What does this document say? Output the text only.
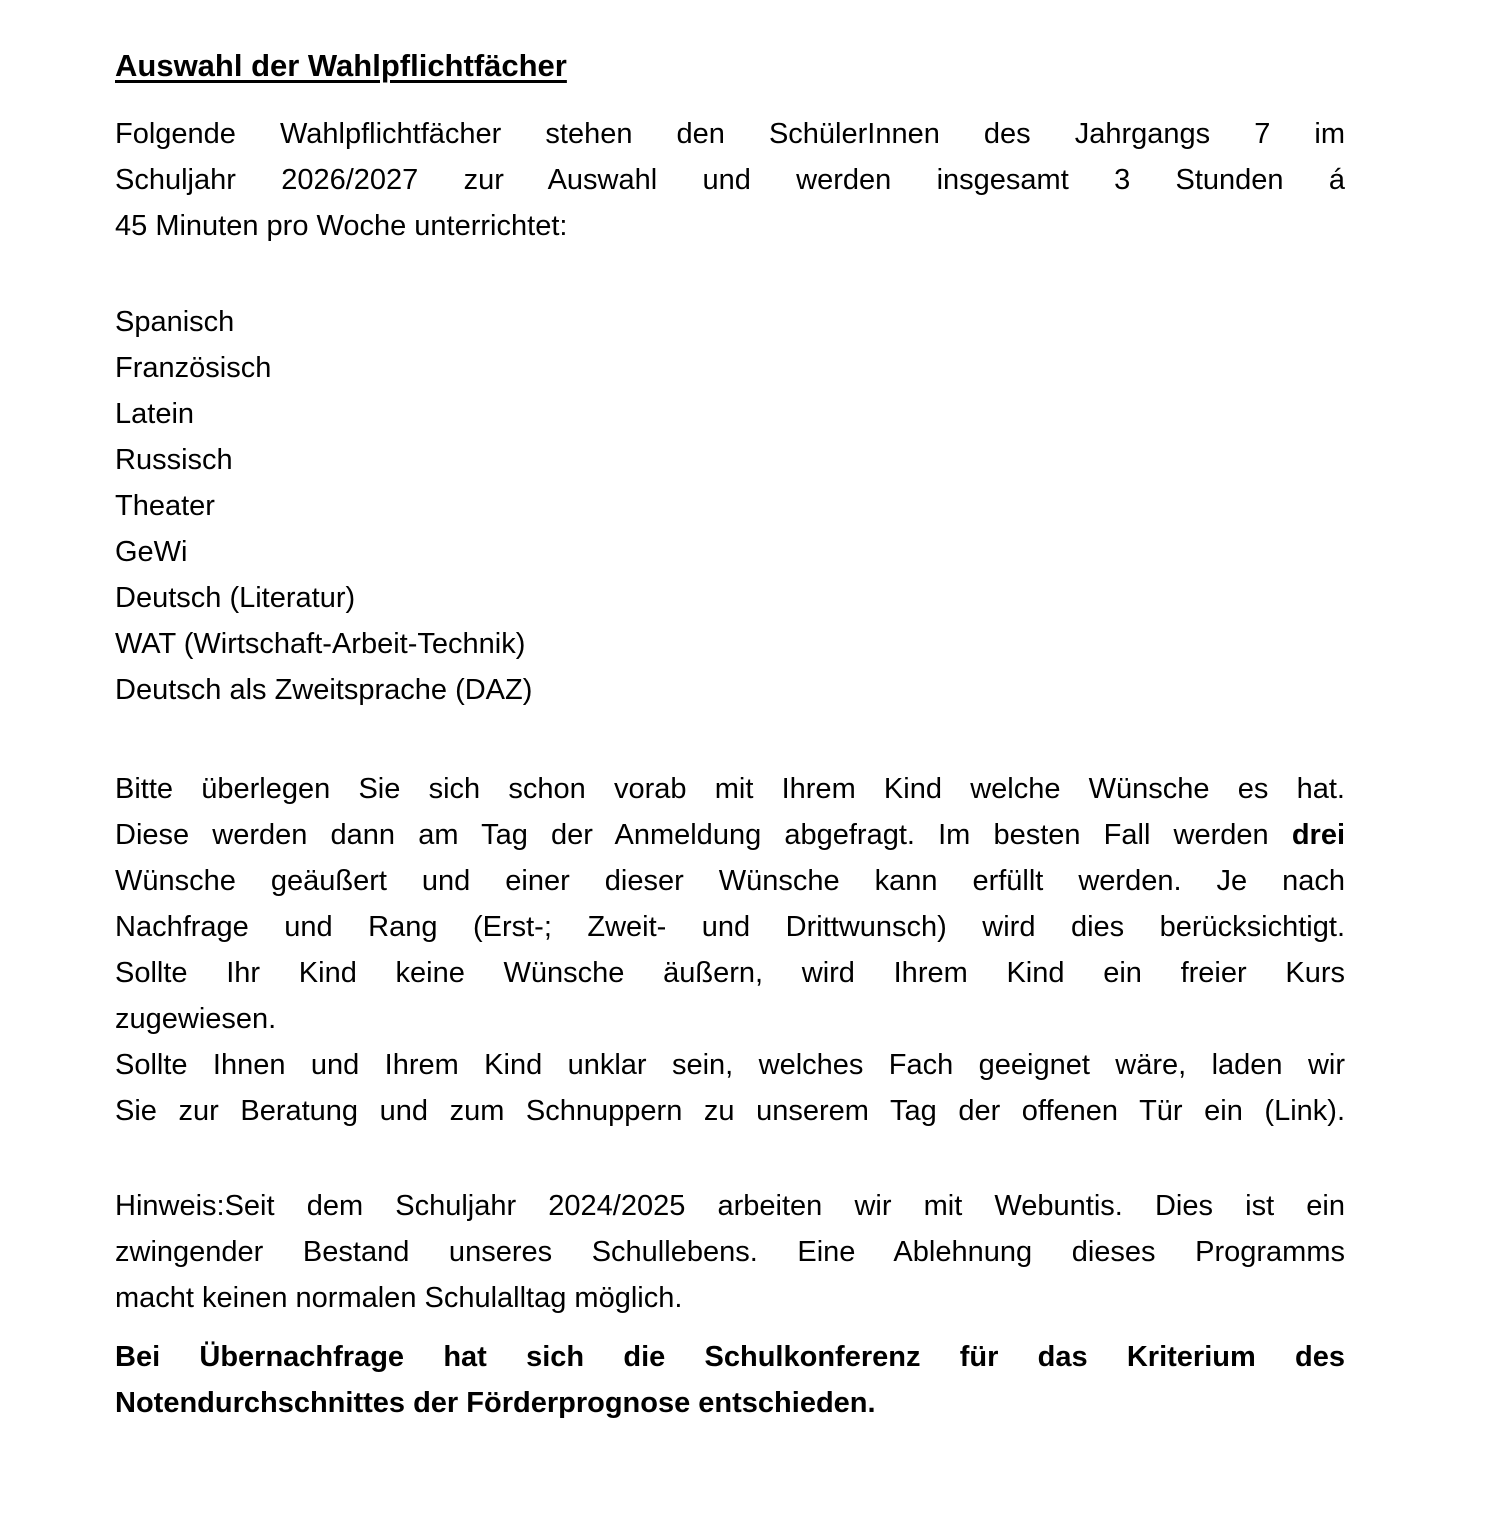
Auswahl der Wahlpflichtfächer
Folgende Wahlpflichtfächer stehen den SchülerInnen des Jahrgangs 7 im
Schuljahr 2026/2027 zur Auswahl und werden insgesamt 3 Stunden á
45 Minuten pro Woche unterrichtet:
Spanisch
Französisch
Latein
Russisch
Theater
GeWi
Deutsch (Literatur)
WAT (Wirtschaft-Arbeit-Technik)
Deutsch als Zweitsprache (DAZ)
Bitte überlegen Sie sich schon vorab mit Ihrem Kind welche Wünsche es hat.
Diese werden dann am Tag der Anmeldung abgefragt. Im besten Fall werden drei
Wünsche geäußert und einer dieser Wünsche kann erfüllt werden. Je nach
Nachfrage und Rang (Erst-; Zweit- und Drittwunsch) wird dies berücksichtigt.
Sollte Ihr Kind keine Wünsche äußern, wird Ihrem Kind ein freier Kurs
zugewiesen.
Sollte Ihnen und Ihrem Kind unklar sein, welches Fach geeignet wäre, laden wir
Sie zur Beratung und zum Schnuppern zu unserem Tag der offenen Tür ein (Link).
Hinweis:Seit dem Schuljahr 2024/2025 arbeiten wir mit Webuntis. Dies ist ein
zwingender Bestand unseres Schullebens. Eine Ablehnung dieses Programms
macht keinen normalen Schulalltag möglich.
Bei Übernachfrage hat sich die Schulkonferenz für das Kriterium des
Notendurchschnittes der Förderprognose entschieden.
